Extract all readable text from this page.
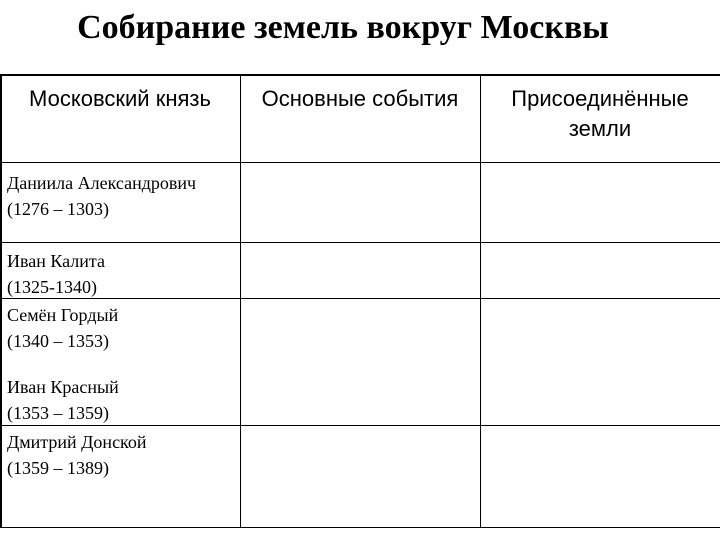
Собирание земель вокруг Москвы
Московский князь	Основные события	Присоединённые земли
Даниила Александрович
(1276 – 1303)
Иван Калита
(1325-1340)
Семён Гордый
(1340 – 1353)
Иван Красный
(1353 – 1359)
Дмитрий Донской
(1359 – 1389)
